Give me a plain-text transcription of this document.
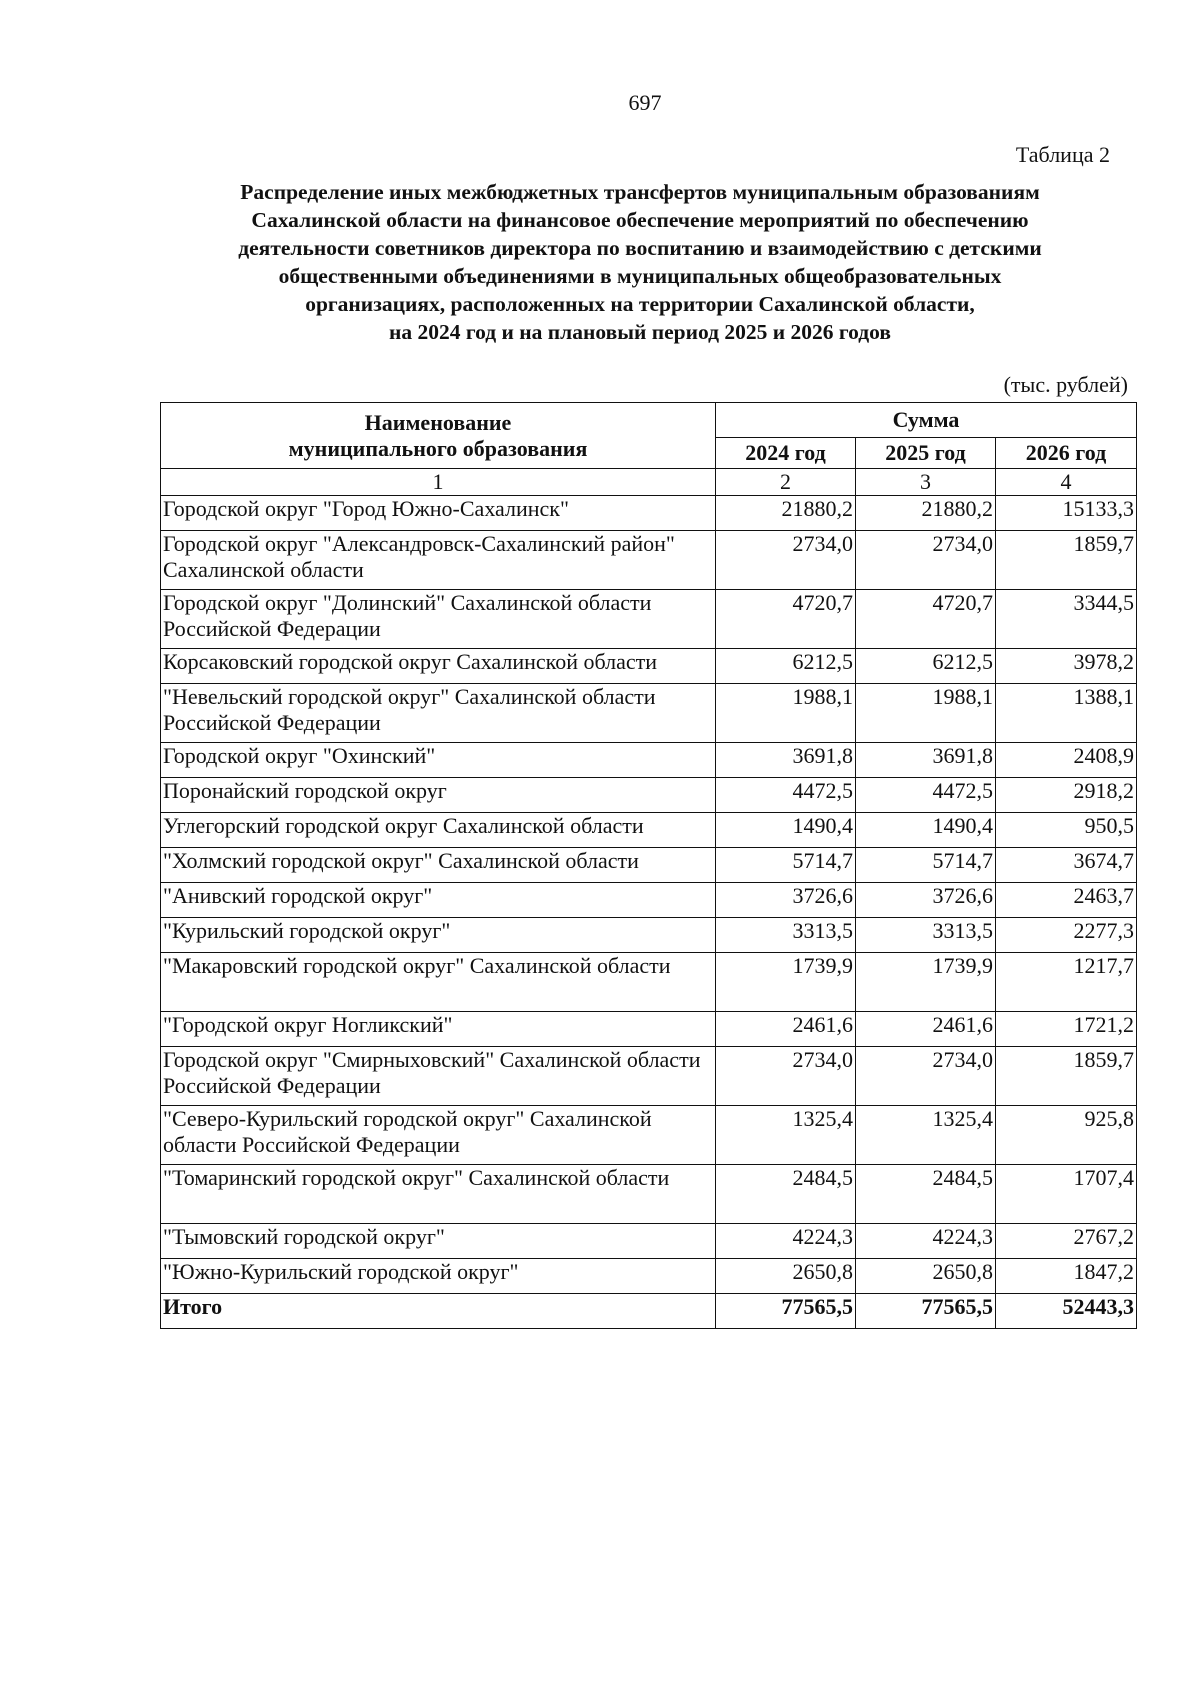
697
Таблица 2
Распределение иных межбюджетных трансфертов муниципальным образованиям
Сахалинской области на финансовое обеспечение мероприятий по обеспечению
деятельности советников директора по воспитанию и взаимодействию с детскими
общественными объединениями в муниципальных общеобразовательных
организациях, расположенных на территории Сахалинской области,
на 2024 год и на плановый период 2025 и 2026 годов
(тыс. рублей)
Наименование
муниципального образования	Сумма		
	2024 год	2025 год	2026 год
1	2	3	4
Городской округ "Город Южно-Сахалинск"	21880,2	21880,2	15133,3
Городской округ "Александровск-Сахалинский район" Сахалинской области	2734,0	2734,0	1859,7
Городской округ "Долинский" Сахалинской области Российской Федерации	4720,7	4720,7	3344,5
Корсаковский городской округ Сахалинской области	6212,5	6212,5	3978,2
"Невельский городской округ" Сахалинской области Российской Федерации	1988,1	1988,1	1388,1
Городской округ "Охинский"	3691,8	3691,8	2408,9
Поронайский городской округ	4472,5	4472,5	2918,2
Углегорский городской округ Сахалинской области	1490,4	1490,4	950,5
"Холмский городской округ" Сахалинской области	5714,7	5714,7	3674,7
"Анивский городской округ"	3726,6	3726,6	2463,7
"Курильский городской округ"	3313,5	3313,5	2277,3
"Макаровский городской округ" Сахалинской области	1739,9	1739,9	1217,7
"Городской округ Ногликский"	2461,6	2461,6	1721,2
Городской округ "Смирныховский" Сахалинской области Российской Федерации	2734,0	2734,0	1859,7
"Северо-Курильский городской округ" Сахалинской области Российской Федерации	1325,4	1325,4	925,8
"Томаринский городской округ" Сахалинской области	2484,5	2484,5	1707,4
"Тымовский городской округ"	4224,3	4224,3	2767,2
"Южно-Курильский городской округ"	2650,8	2650,8	1847,2
Итого	77565,5	77565,5	52443,3
